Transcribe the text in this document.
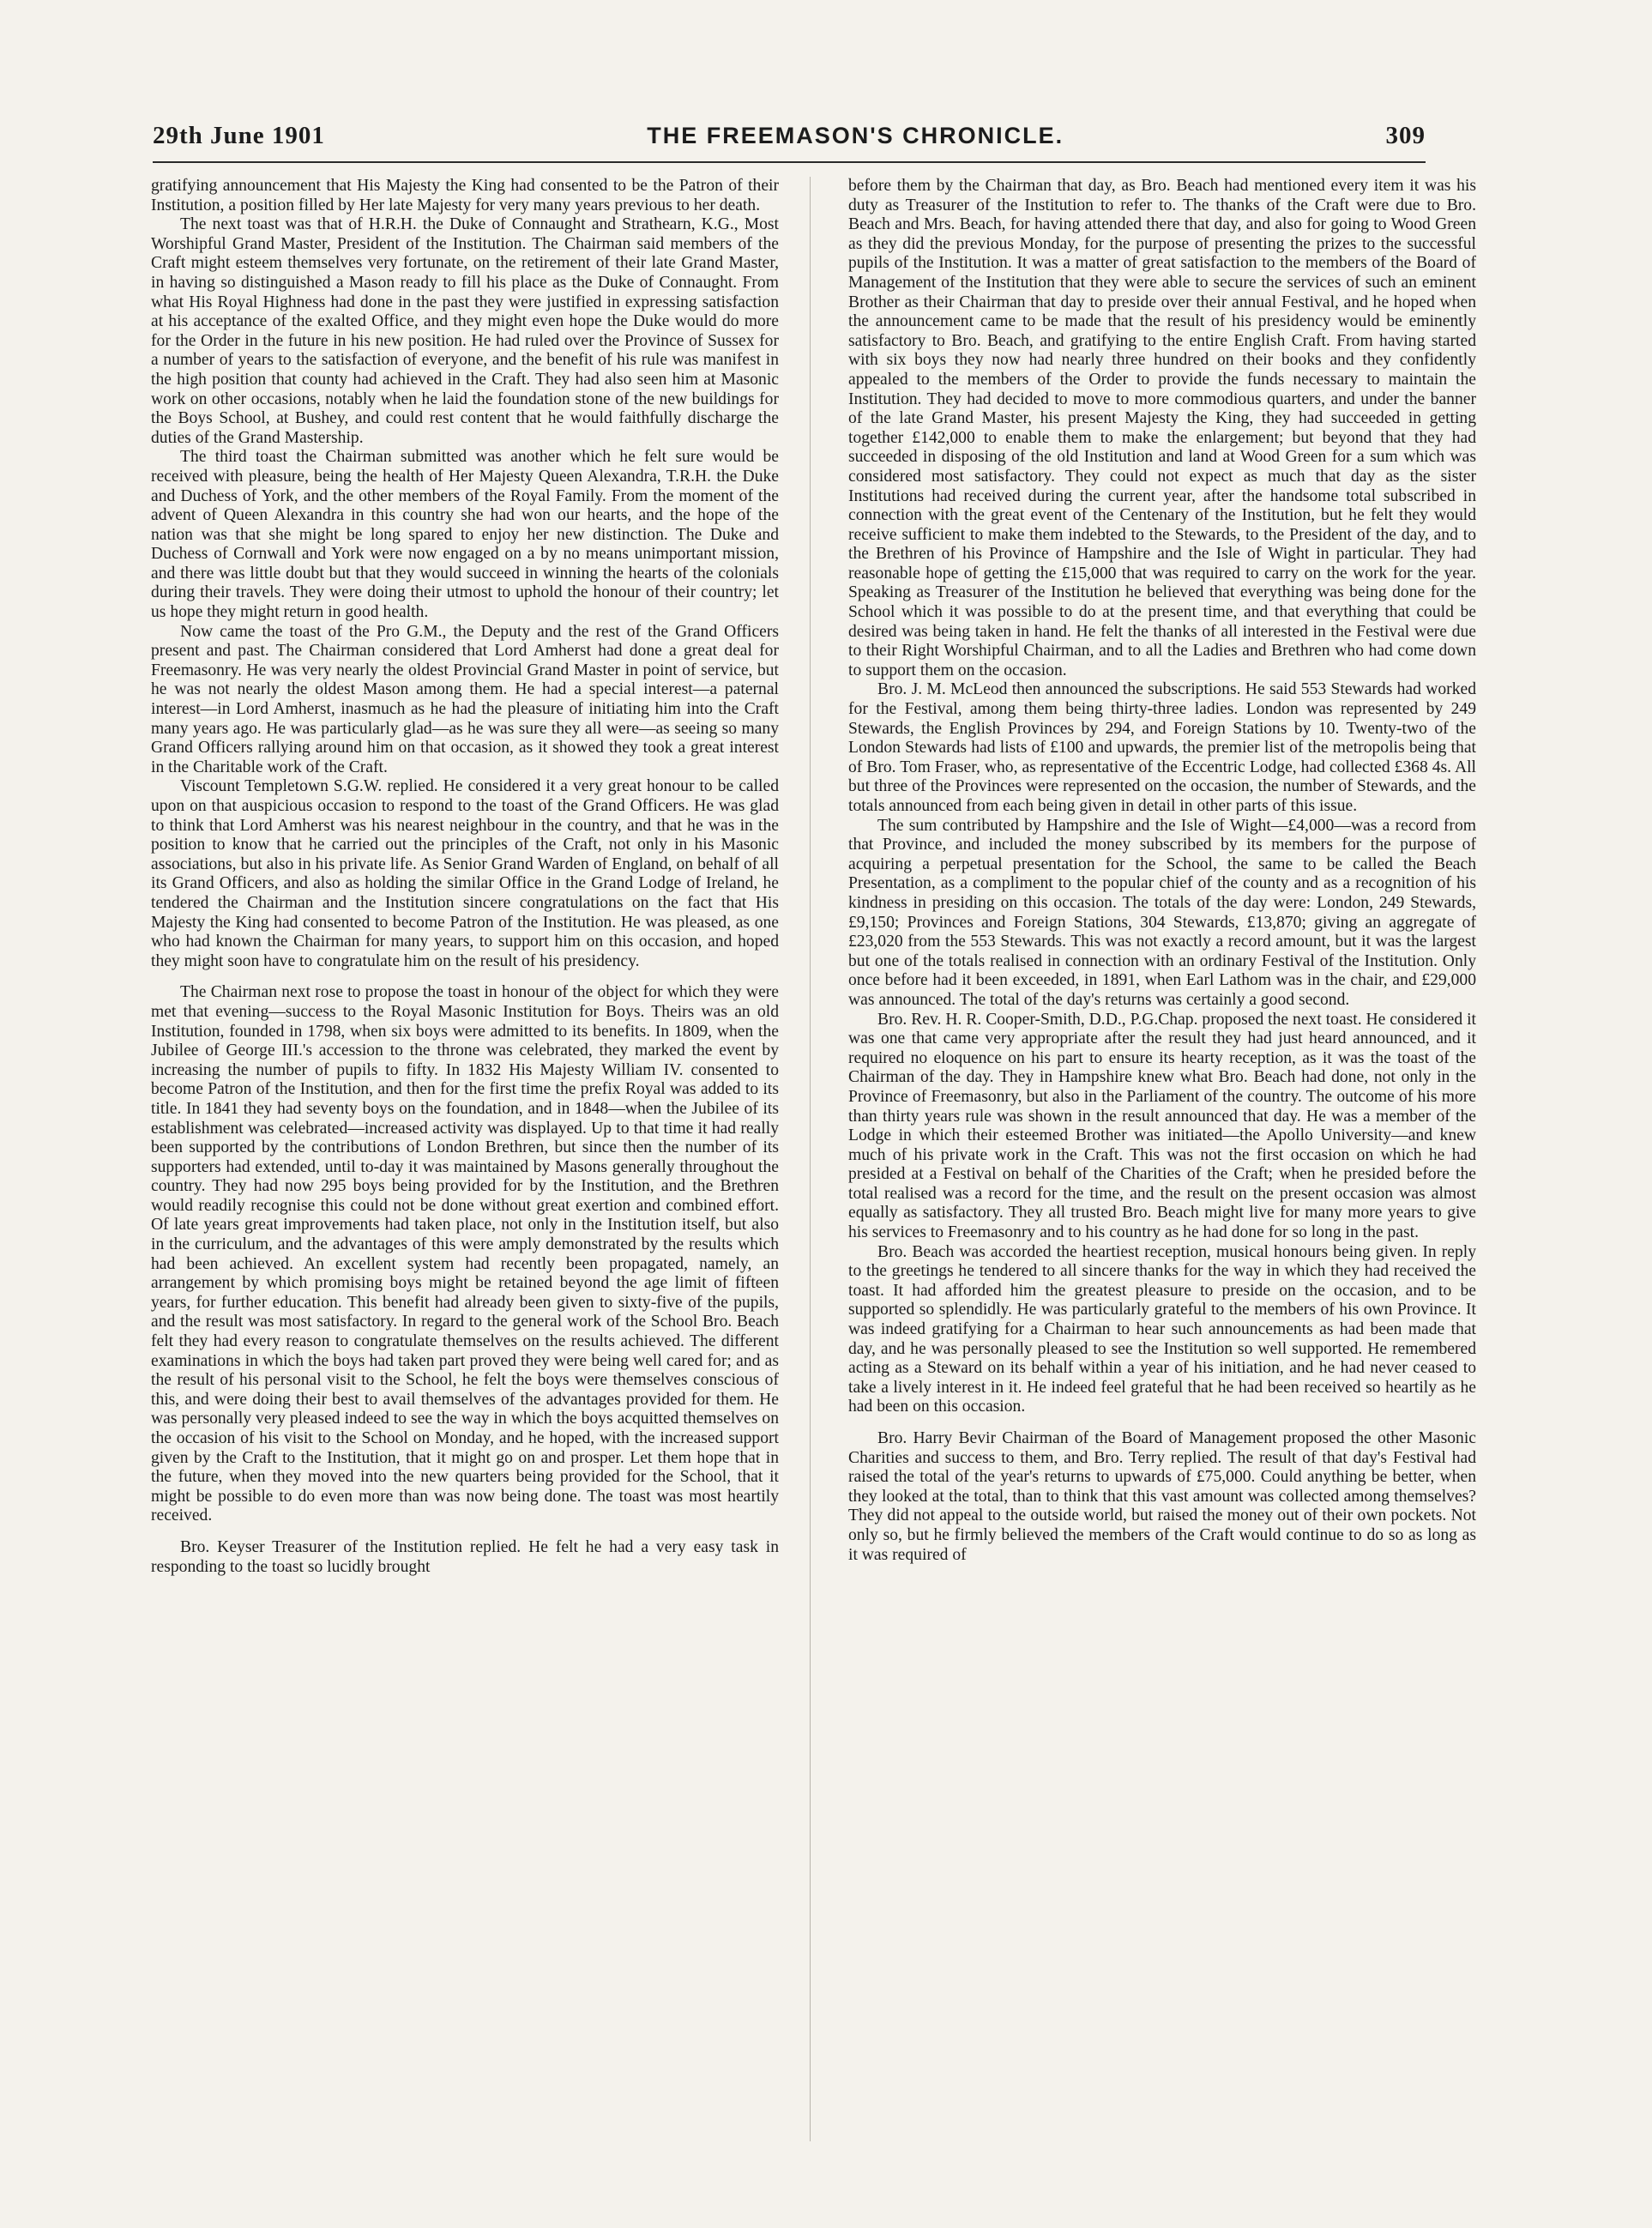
29th June 1901	THE FREEMASON'S CHRONICLE.	309

gratifying announcement that His Majesty the King had consented to be the Patron of their Institution, a position filled by Her late Majesty for very many years previous to her death.

The next toast was that of H.R.H. the Duke of Connaught and Strathearn, K.G., Most Worshipful Grand Master, President of the Institution. The Chairman said members of the Craft might esteem themselves very fortunate, on the retirement of their late Grand Master, in having so distinguished a Mason ready to fill his place as the Duke of Connaught. From what His Royal Highness had done in the past they were justified in expressing satisfaction at his acceptance of the exalted Office, and they might even hope the Duke would do more for the Order in the future in his new position. He had ruled over the Province of Sussex for a number of years to the satisfaction of everyone, and the benefit of his rule was manifest in the high position that county had achieved in the Craft. They had also seen him at Masonic work on other occasions, notably when he laid the foundation stone of the new buildings for the Boys School, at Bushey, and could rest content that he would faithfully discharge the duties of the Grand Mastership.

The third toast the Chairman submitted was another which he felt sure would be received with pleasure, being the health of Her Majesty Queen Alexandra, T.R.H. the Duke and Duchess of York, and the other members of the Royal Family. From the moment of the advent of Queen Alexandra in this country she had won our hearts, and the hope of the nation was that she might be long spared to enjoy her new distinction. The Duke and Duchess of Cornwall and York were now engaged on a by no means unimportant mission, and there was little doubt but that they would succeed in winning the hearts of the colonials during their travels. They were doing their utmost to uphold the honour of their country; let us hope they might return in good health.

Now came the toast of the Pro G.M., the Deputy and the rest of the Grand Officers present and past. The Chairman considered that Lord Amherst had done a great deal for Freemasonry. He was very nearly the oldest Provincial Grand Master in point of service, but he was not nearly the oldest Mason among them. He had a special interest—a paternal interest—in Lord Amherst, inasmuch as he had the pleasure of initiating him into the Craft many years ago. He was particularly glad—as he was sure they all were—as seeing so many Grand Officers rallying around him on that occasion, as it showed they took a great interest in the Charitable work of the Craft.

Viscount Templetown S.G.W. replied. He considered it a very great honour to be called upon on that auspicious occasion to respond to the toast of the Grand Officers. He was glad to think that Lord Amherst was his nearest neighbour in the country, and that he was in the position to know that he carried out the principles of the Craft, not only in his Masonic associations, but also in his private life. As Senior Grand Warden of England, on behalf of all its Grand Officers, and also as holding the similar Office in the Grand Lodge of Ireland, he tendered the Chairman and the Institution sincere congratulations on the fact that His Majesty the King had consented to become Patron of the Institution. He was pleased, as one who had known the Chairman for many years, to support him on this occasion, and hoped they might soon have to congratulate him on the result of his presidency.

The Chairman next rose to propose the toast in honour of the object for which they were met that evening—success to the Royal Masonic Institution for Boys. Theirs was an old Institution, founded in 1798, when six boys were admitted to its benefits. In 1809, when the Jubilee of George III.'s accession to the throne was celebrated, they marked the event by increasing the number of pupils to fifty. In 1832 His Majesty William IV. consented to become Patron of the Institution, and then for the first time the prefix Royal was added to its title. In 1841 they had seventy boys on the foundation, and in 1848—when the Jubilee of its establishment was celebrated—increased activity was displayed. Up to that time it had really been supported by the contributions of London Brethren, but since then the number of its supporters had extended, until to-day it was maintained by Masons generally throughout the country. They had now 295 boys being provided for by the Institution, and the Brethren would readily recognise this could not be done without great exertion and combined effort. Of late years great improvements had taken place, not only in the Institution itself, but also in the curriculum, and the advantages of this were amply demonstrated by the results which had been achieved. An excellent system had recently been propagated, namely, an arrangement by which promising boys might be retained beyond the age limit of fifteen years, for further education. This benefit had already been given to sixty-five of the pupils, and the result was most satisfactory. In regard to the general work of the School Bro. Beach felt they had every reason to congratulate themselves on the results achieved. The different examinations in which the boys had taken part proved they were being well cared for; and as the result of his personal visit to the School, he felt the boys were themselves conscious of this, and were doing their best to avail themselves of the advantages provided for them. He was personally very pleased indeed to see the way in which the boys acquitted themselves on the occasion of his visit to the School on Monday, and he hoped, with the increased support given by the Craft to the Institution, that it might go on and prosper. Let them hope that in the future, when they moved into the new quarters being provided for the School, that it might be possible to do even more than was now being done. The toast was most heartily received.

Bro. Keyser Treasurer of the Institution replied. He felt he had a very easy task in responding to the toast so lucidly brought

before them by the Chairman that day, as Bro. Beach had mentioned every item it was his duty as Treasurer of the Institution to refer to. The thanks of the Craft were due to Bro. Beach and Mrs. Beach, for having attended there that day, and also for going to Wood Green as they did the previous Monday, for the purpose of presenting the prizes to the successful pupils of the Institution. It was a matter of great satisfaction to the members of the Board of Management of the Institution that they were able to secure the services of such an eminent Brother as their Chairman that day to preside over their annual Festival, and he hoped when the announcement came to be made that the result of his presidency would be eminently satisfactory to Bro. Beach, and gratifying to the entire English Craft. From having started with six boys they now had nearly three hundred on their books and they confidently appealed to the members of the Order to provide the funds necessary to maintain the Institution. They had decided to move to more commodious quarters, and under the banner of the late Grand Master, his present Majesty the King, they had succeeded in getting together £142,000 to enable them to make the enlargement; but beyond that they had succeeded in disposing of the old Institution and land at Wood Green for a sum which was considered most satisfactory. They could not expect as much that day as the sister Institutions had received during the current year, after the handsome total subscribed in connection with the great event of the Centenary of the Institution, but he felt they would receive sufficient to make them indebted to the Stewards, to the President of the day, and to the Brethren of his Province of Hampshire and the Isle of Wight in particular. They had reasonable hope of getting the £15,000 that was required to carry on the work for the year. Speaking as Treasurer of the Institution he believed that everything was being done for the School which it was possible to do at the present time, and that everything that could be desired was being taken in hand. He felt the thanks of all interested in the Festival were due to their Right Worshipful Chairman, and to all the Ladies and Brethren who had come down to support them on the occasion.

Bro. J. M. McLeod then announced the subscriptions. He said 553 Stewards had worked for the Festival, among them being thirty-three ladies. London was represented by 249 Stewards, the English Provinces by 294, and Foreign Stations by 10. Twenty-two of the London Stewards had lists of £100 and upwards, the premier list of the metropolis being that of Bro. Tom Fraser, who, as representative of the Eccentric Lodge, had collected £368 4s. All but three of the Provinces were represented on the occasion, the number of Stewards, and the totals announced from each being given in detail in other parts of this issue.

The sum contributed by Hampshire and the Isle of Wight—£4,000—was a record from that Province, and included the money subscribed by its members for the purpose of acquiring a perpetual presentation for the School, the same to be called the Beach Presentation, as a compliment to the popular chief of the county and as a recognition of his kindness in presiding on this occasion. The totals of the day were: London, 249 Stewards, £9,150; Provinces and Foreign Stations, 304 Stewards, £13,870; giving an aggregate of £23,020 from the 553 Stewards. This was not exactly a record amount, but it was the largest but one of the totals realised in connection with an ordinary Festival of the Institution. Only once before had it been exceeded, in 1891, when Earl Lathom was in the chair, and £29,000 was announced. The total of the day's returns was certainly a good second.

Bro. Rev. H. R. Cooper-Smith, D.D., P.G.Chap. proposed the next toast. He considered it was one that came very appropriate after the result they had just heard announced, and it required no eloquence on his part to ensure its hearty reception, as it was the toast of the Chairman of the day. They in Hampshire knew what Bro. Beach had done, not only in the Province of Freemasonry, but also in the Parliament of the country. The outcome of his more than thirty years rule was shown in the result announced that day. He was a member of the Lodge in which their esteemed Brother was initiated—the Apollo University—and knew much of his private work in the Craft. This was not the first occasion on which he had presided at a Festival on behalf of the Charities of the Craft; when he presided before the total realised was a record for the time, and the result on the present occasion was almost equally as satisfactory. They all trusted Bro. Beach might live for many more years to give his services to Freemasonry and to his country as he had done for so long in the past.

Bro. Beach was accorded the heartiest reception, musical honours being given. In reply to the greetings he tendered to all sincere thanks for the way in which they had received the toast. It had afforded him the greatest pleasure to preside on the occasion, and to be supported so splendidly. He was particularly grateful to the members of his own Province. It was indeed gratifying for a Chairman to hear such announcements as had been made that day, and he was personally pleased to see the Institution so well supported. He remembered acting as a Steward on its behalf within a year of his initiation, and he had never ceased to take a lively interest in it. He indeed feel grateful that he had been received so heartily as he had been on this occasion.

Bro. Harry Bevir Chairman of the Board of Management proposed the other Masonic Charities and success to them, and Bro. Terry replied. The result of that day's Festival had raised the total of the year's returns to upwards of £75,000. Could anything be better, when they looked at the total, than to think that this vast amount was collected among themselves? They did not appeal to the outside world, but raised the money out of their own pockets. Not only so, but he firmly believed the members of the Craft would continue to do so as long as it was required of
